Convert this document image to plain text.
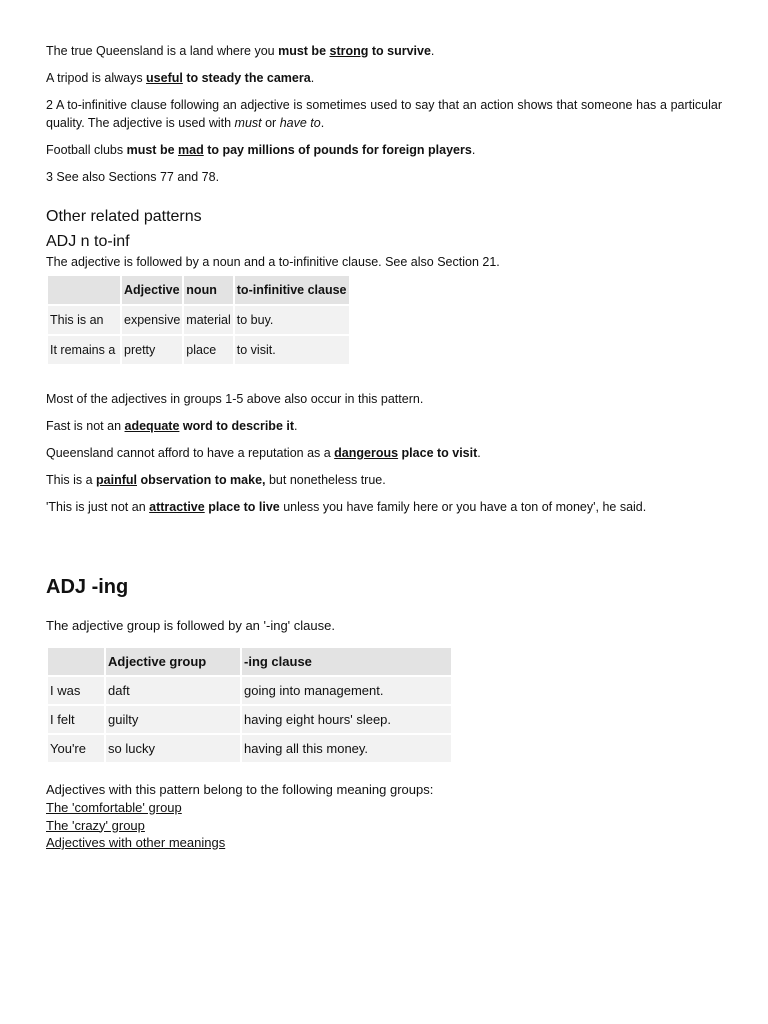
The true Queensland is a land where you must be strong to survive.

A tripod is always useful to steady the camera.

2 A to-infinitive clause following an adjective is sometimes used to say that an action shows that someone has a particular quality. The adjective is used with must or have to.

Football clubs must be mad to pay millions of pounds for foreign players.

3 See also Sections 77 and 78.

Other related patterns
ADJ n to-inf

The adjective is followed by a noun and a to-infinitive clause. See also Section 21.

	Adjective	noun	to-infinitive clause
This is an	expensive	material	to buy.
It remains a	pretty	place	to visit.

Most of the adjectives in groups 1-5 above also occur in this pattern.

Fast is not an adequate word to describe it.

Queensland cannot afford to have a reputation as a dangerous place to visit.

This is a painful observation to make, but nonetheless true.

'This is just not an attractive place to live unless you have family here or you have a ton of money', he said.

ADJ -ing

The adjective group is followed by an '-ing' clause.

	Adjective group	-ing clause
I was	daft	going into management.
I felt	guilty	having eight hours' sleep.
You're	so lucky	having all this money.

Adjectives with this pattern belong to the following meaning groups:

The 'comfortable' group

The 'crazy' group

Adjectives with other meanings
